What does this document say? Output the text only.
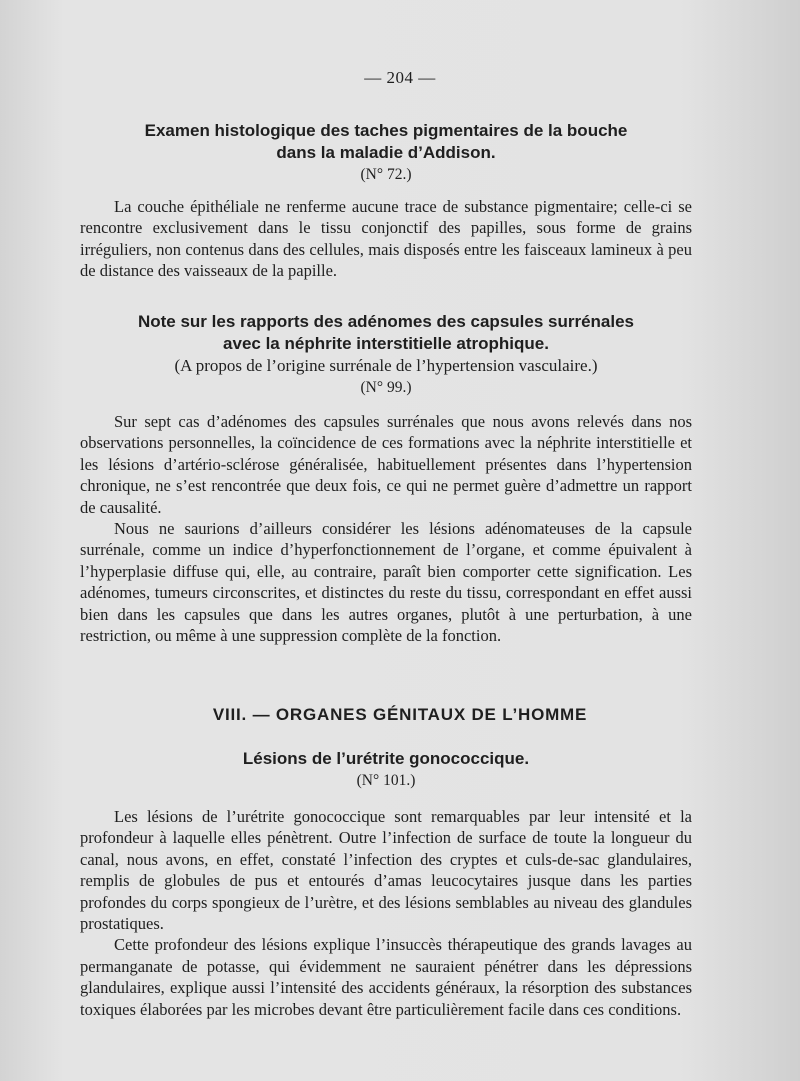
— 204 —

Examen histologique des taches pigmentaires de la bouche

dans la maladie d’Addison.

(N° 72.)

La couche épithéliale ne renferme aucune trace de substance pigmentaire; celle-ci se rencontre exclusivement dans le tissu conjonctif des papilles, sous forme de grains irréguliers, non contenus dans des cellules, mais disposés entre les faisceaux lamineux à peu de distance des vaisseaux de la papille.

Note sur les rapports des adénomes des capsules surrénales

avec la néphrite interstitielle atrophique.

(A propos de l’origine surrénale de l’hypertension vasculaire.)

(N° 99.)

Sur sept cas d’adénomes des capsules surrénales que nous avons relevés dans nos observations personnelles, la coïncidence de ces formations avec la néphrite interstitielle et les lésions d’artério-sclérose généralisée, habituellement présentes dans l’hypertension chronique, ne s’est rencontrée que deux fois, ce qui ne permet guère d’admettre un rapport de causalité.

Nous ne saurions d’ailleurs considérer les lésions adénomateuses de la capsule surrénale, comme un indice d’hyperfonctionnement de l’organe, et comme épuivalent à l’hyperplasie diffuse qui, elle, au contraire, paraît bien comporter cette signification. Les adénomes, tumeurs circonscrites, et distinctes du reste du tissu, correspondant en effet aussi bien dans les capsules que dans les autres organes, plutôt à une perturbation, à une restriction, ou même à une suppression complète de la fonction.

VIII. — ORGANES GÉNITAUX DE L’HOMME

Lésions de l’urétrite gonococcique.

(N° 101.)

Les lésions de l’urétrite gonococcique sont remarquables par leur intensité et la profondeur à laquelle elles pénètrent. Outre l’infection de surface de toute la longueur du canal, nous avons, en effet, constaté l’infection des cryptes et culs-de-sac glandulaires, remplis de globules de pus et entourés d’amas leucocytaires jusque dans les parties profondes du corps spongieux de l’urètre, et des lésions semblables au niveau des glandules prostatiques.

Cette profondeur des lésions explique l’insuccès thérapeutique des grands lavages au permanganate de potasse, qui évidemment ne sauraient pénétrer dans les dépressions glandulaires, explique aussi l’intensité des accidents généraux, la résorption des substances toxiques élaborées par les microbes devant être particulièrement facile dans ces conditions.
